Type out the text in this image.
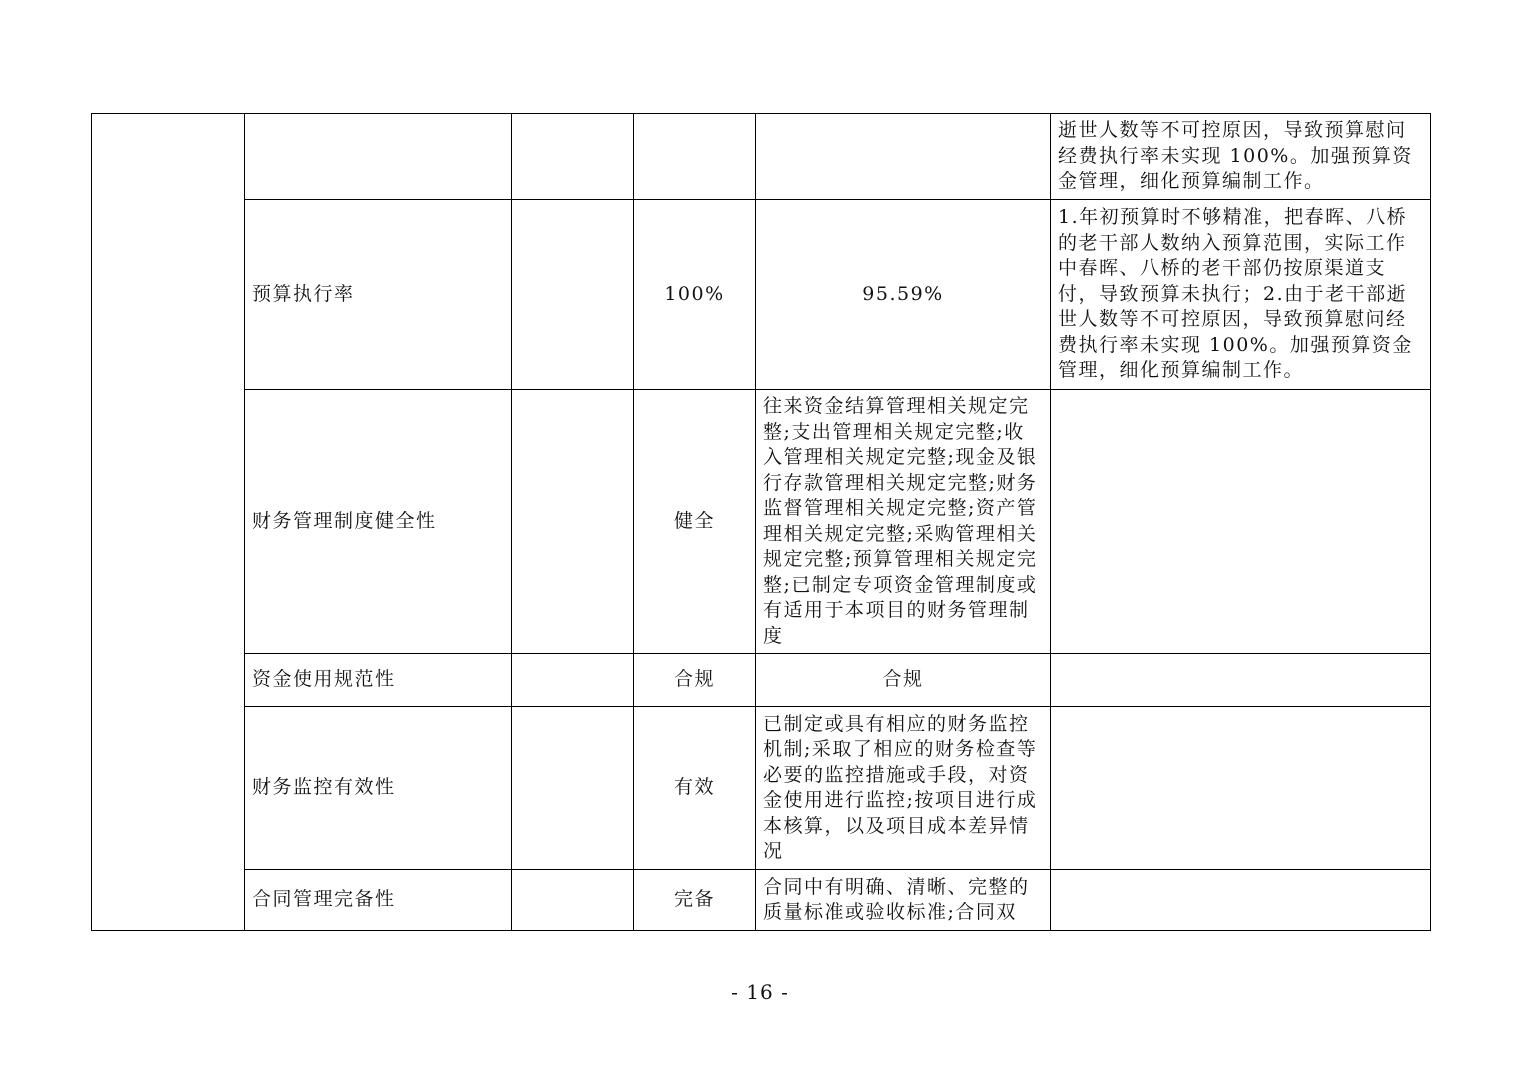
					逝世人数等不可控原因，导致预算慰问经费执行率未实现 100%。加强预算资金管理，细化预算编制工作。
	预算执行率		100%	95.59%	1.年初预算时不够精准，把春晖、八桥的老干部人数纳入预算范围，实际工作中春晖、八桥的老干部仍按原渠道支付，导致预算未执行；2.由于老干部逝世人数等不可控原因，导致预算慰问经费执行率未实现 100%。加强预算资金管理，细化预算编制工作。
	财务管理制度健全性		健全	往来资金结算管理相关规定完整;支出管理相关规定完整;收入管理相关规定完整;现金及银行存款管理相关规定完整;财务监督管理相关规定完整;资产管理相关规定完整;采购管理相关规定完整;预算管理相关规定完整;已制定专项资金管理制度或有适用于本项目的财务管理制度	
	资金使用规范性		合规	合规	
	财务监控有效性		有效	已制定或具有相应的财务监控机制;采取了相应的财务检查等必要的监控措施或手段，对资金使用进行监控;按项目进行成本核算，以及项目成本差异情况	
	合同管理完备性		完备	合同中有明确、清晰、完整的质量标准或验收标准;合同双	
- 16 -
